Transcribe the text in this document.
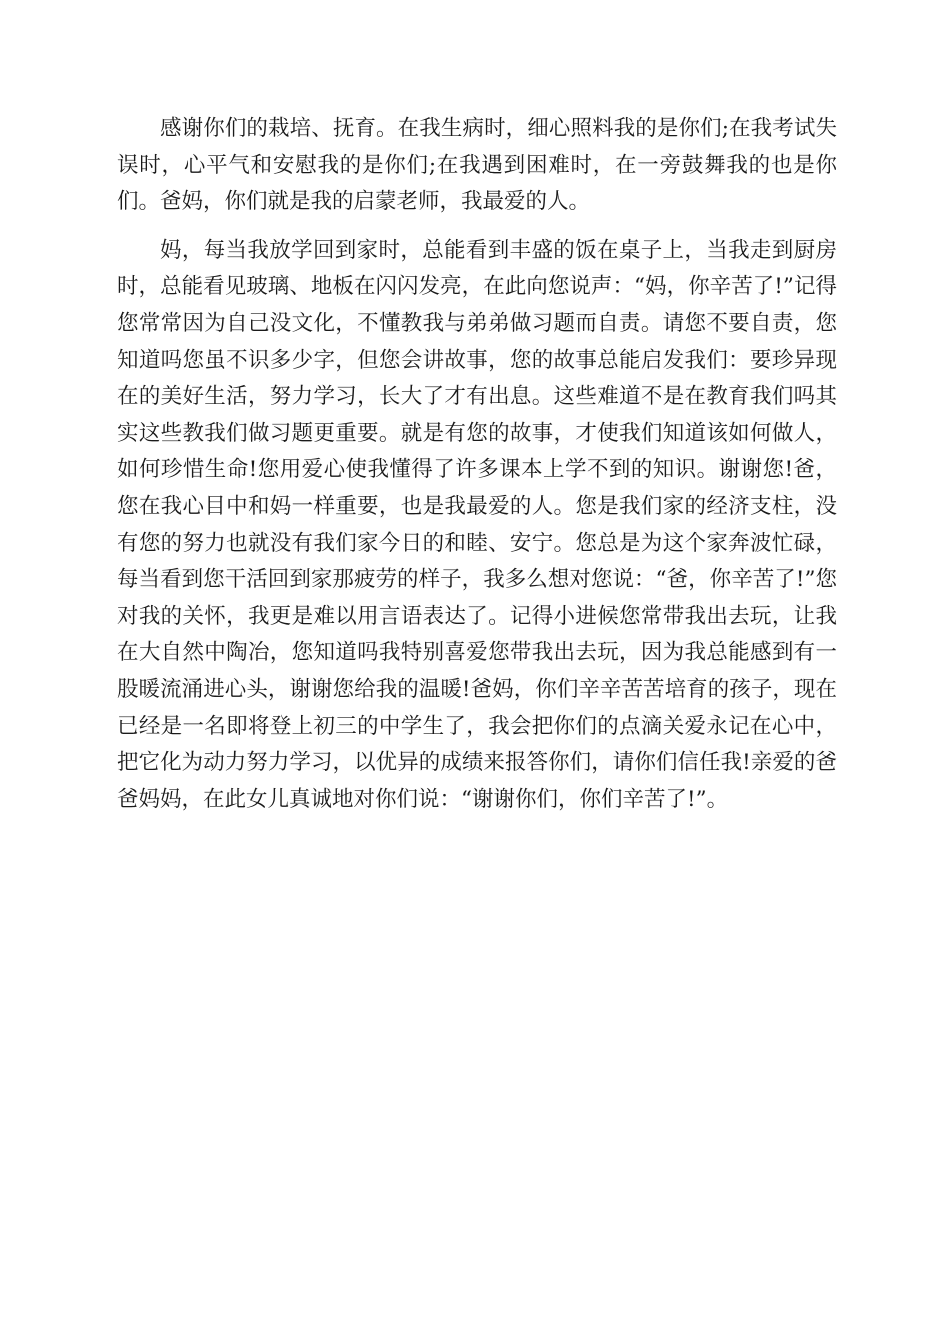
感谢你们的栽培、抚育。在我生病时，细心照料我的是你们;在我考试失误时，心平气和安慰我的是你们;在我遇到困难时，在一旁鼓舞我的也是你们。爸妈，你们就是我的启蒙老师，我最爱的人。

妈，每当我放学回到家时，总能看到丰盛的饭在桌子上，当我走到厨房时，总能看见玻璃、地板在闪闪发亮，在此向您说声：“妈，你辛苦了!”记得您常常因为自己没文化，不懂教我与弟弟做习题而自责。请您不要自责，您知道吗您虽不识多少字，但您会讲故事，您的故事总能启发我们：要珍异现在的美好生活，努力学习，长大了才有出息。这些难道不是在教育我们吗其实这些教我们做习题更重要。就是有您的故事，才使我们知道该如何做人，如何珍惜生命!您用爱心使我懂得了许多课本上学不到的知识。谢谢您!爸，您在我心目中和妈一样重要，也是我最爱的人。您是我们家的经济支柱，没有您的努力也就没有我们家今日的和睦、安宁。您总是为这个家奔波忙碌，每当看到您干活回到家那疲劳的样子，我多么想对您说：“爸，你辛苦了!”您对我的关怀，我更是难以用言语表达了。记得小进候您常带我出去玩，让我在大自然中陶冶，您知道吗我特别喜爱您带我出去玩，因为我总能感到有一股暖流涌进心头，谢谢您给我的温暖!爸妈，你们辛辛苦苦培育的孩子，现在已经是一名即将登上初三的中学生了，我会把你们的点滴关爱永记在心中，把它化为动力努力学习，以优异的成绩来报答你们，请你们信任我!亲爱的爸爸妈妈，在此女儿真诚地对你们说：“谢谢你们，你们辛苦了!”。
